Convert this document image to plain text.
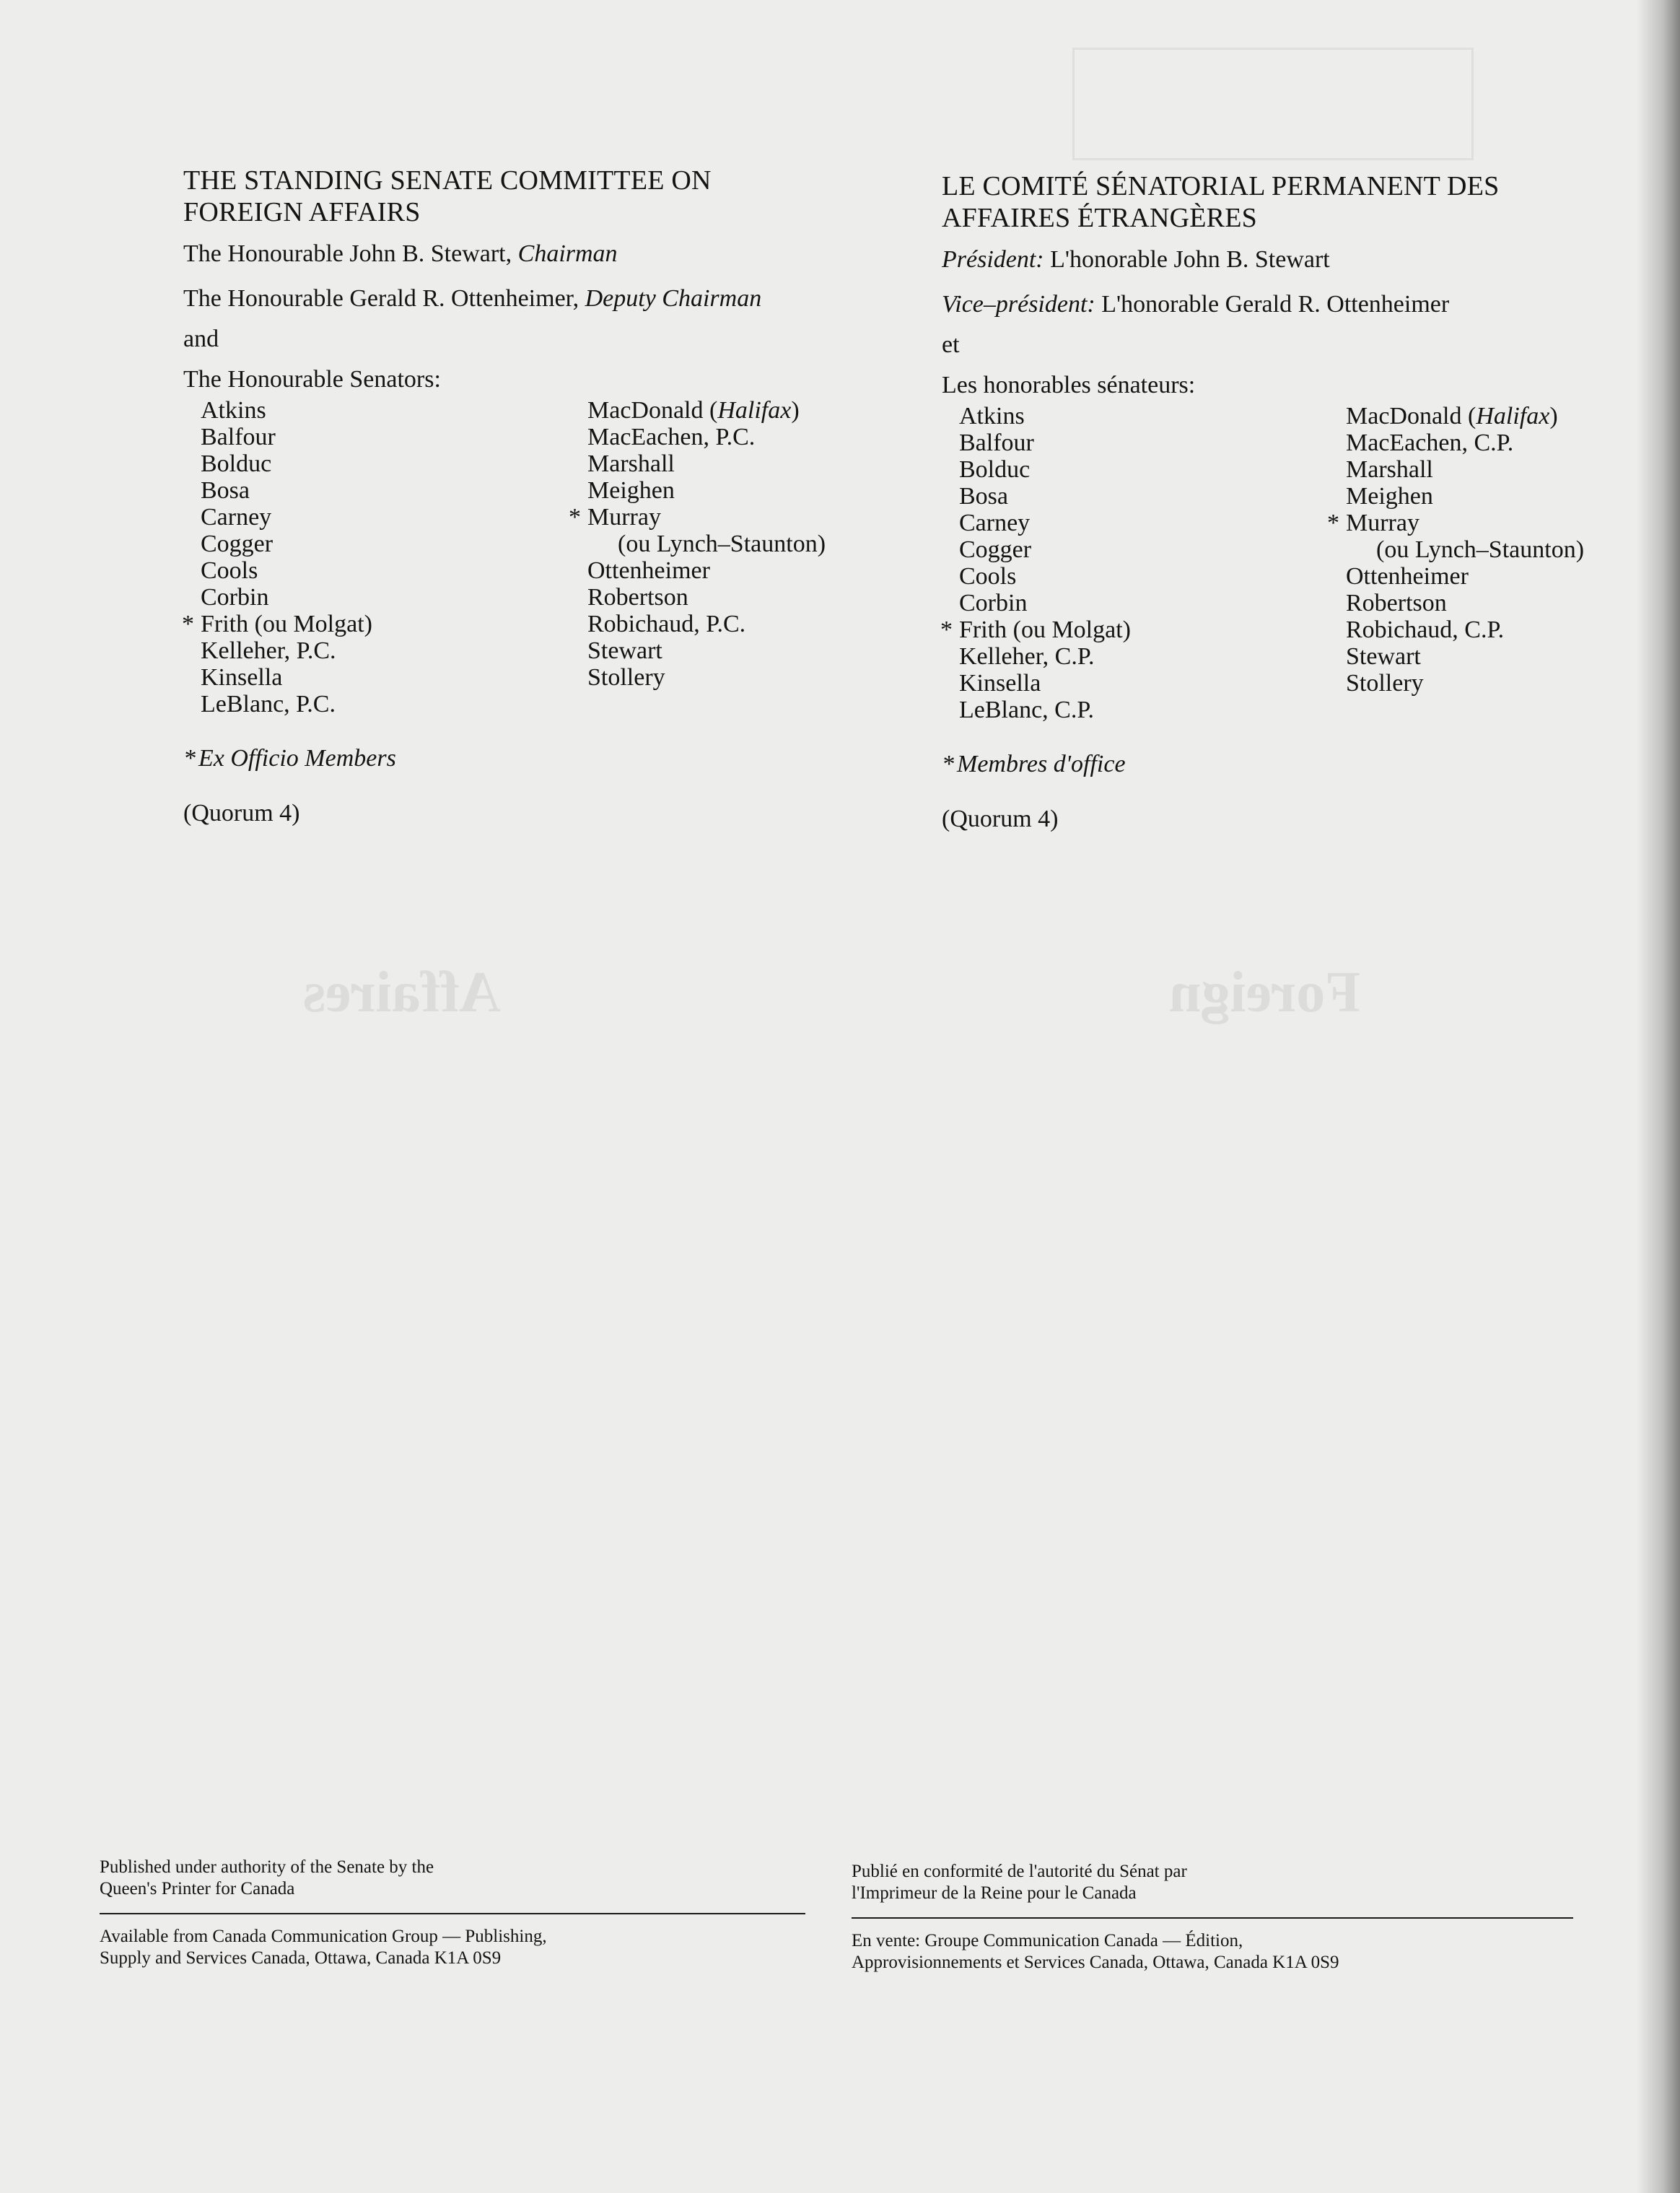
Foreign
Affaires

THE STANDING SENATE COMMITTEE ON

FOREIGN AFFAIRS

The Honourable John B. Stewart, Chairman

The Honourable Gerald R. Ottenheimer, Deputy Chairman

and

The Honourable Senators:

Atkins
Balfour
Bolduc
Bosa
Carney
Cogger
Cools
Corbin
* Frith (ou Molgat)
Kelleher, P.C.
Kinsella
LeBlanc, P.C.
MacDonald (Halifax)
MacEachen, P.C.
Marshall
Meighen
* Murray
(ou Lynch–Staunton)
Ottenheimer
Robertson
Robichaud, P.C.
Stewart
Stollery

* Ex Officio Members

(Quorum 4)

LE COMITÉ SÉNATORIAL PERMANENT DES

AFFAIRES ÉTRANGÈRES

Président: L'honorable John B. Stewart

Vice–président: L'honorable Gerald R. Ottenheimer

et

Les honorables sénateurs:

Atkins
Balfour
Bolduc
Bosa
Carney
Cogger
Cools
Corbin
* Frith (ou Molgat)
Kelleher, C.P.
Kinsella
LeBlanc, C.P.
MacDonald (Halifax)
MacEachen, C.P.
Marshall
Meighen
* Murray
(ou Lynch–Staunton)
Ottenheimer
Robertson
Robichaud, C.P.
Stewart
Stollery

* Membres d'office

(Quorum 4)

Published under authority of the Senate by the

Queen's Printer for Canada

Available from Canada Communication Group — Publishing,

Supply and Services Canada, Ottawa, Canada K1A 0S9

Publié en conformité de l'autorité du Sénat par

l'Imprimeur de la Reine pour le Canada

En vente: Groupe Communication Canada — Édition,

Approvisionnements et Services Canada, Ottawa, Canada K1A 0S9
